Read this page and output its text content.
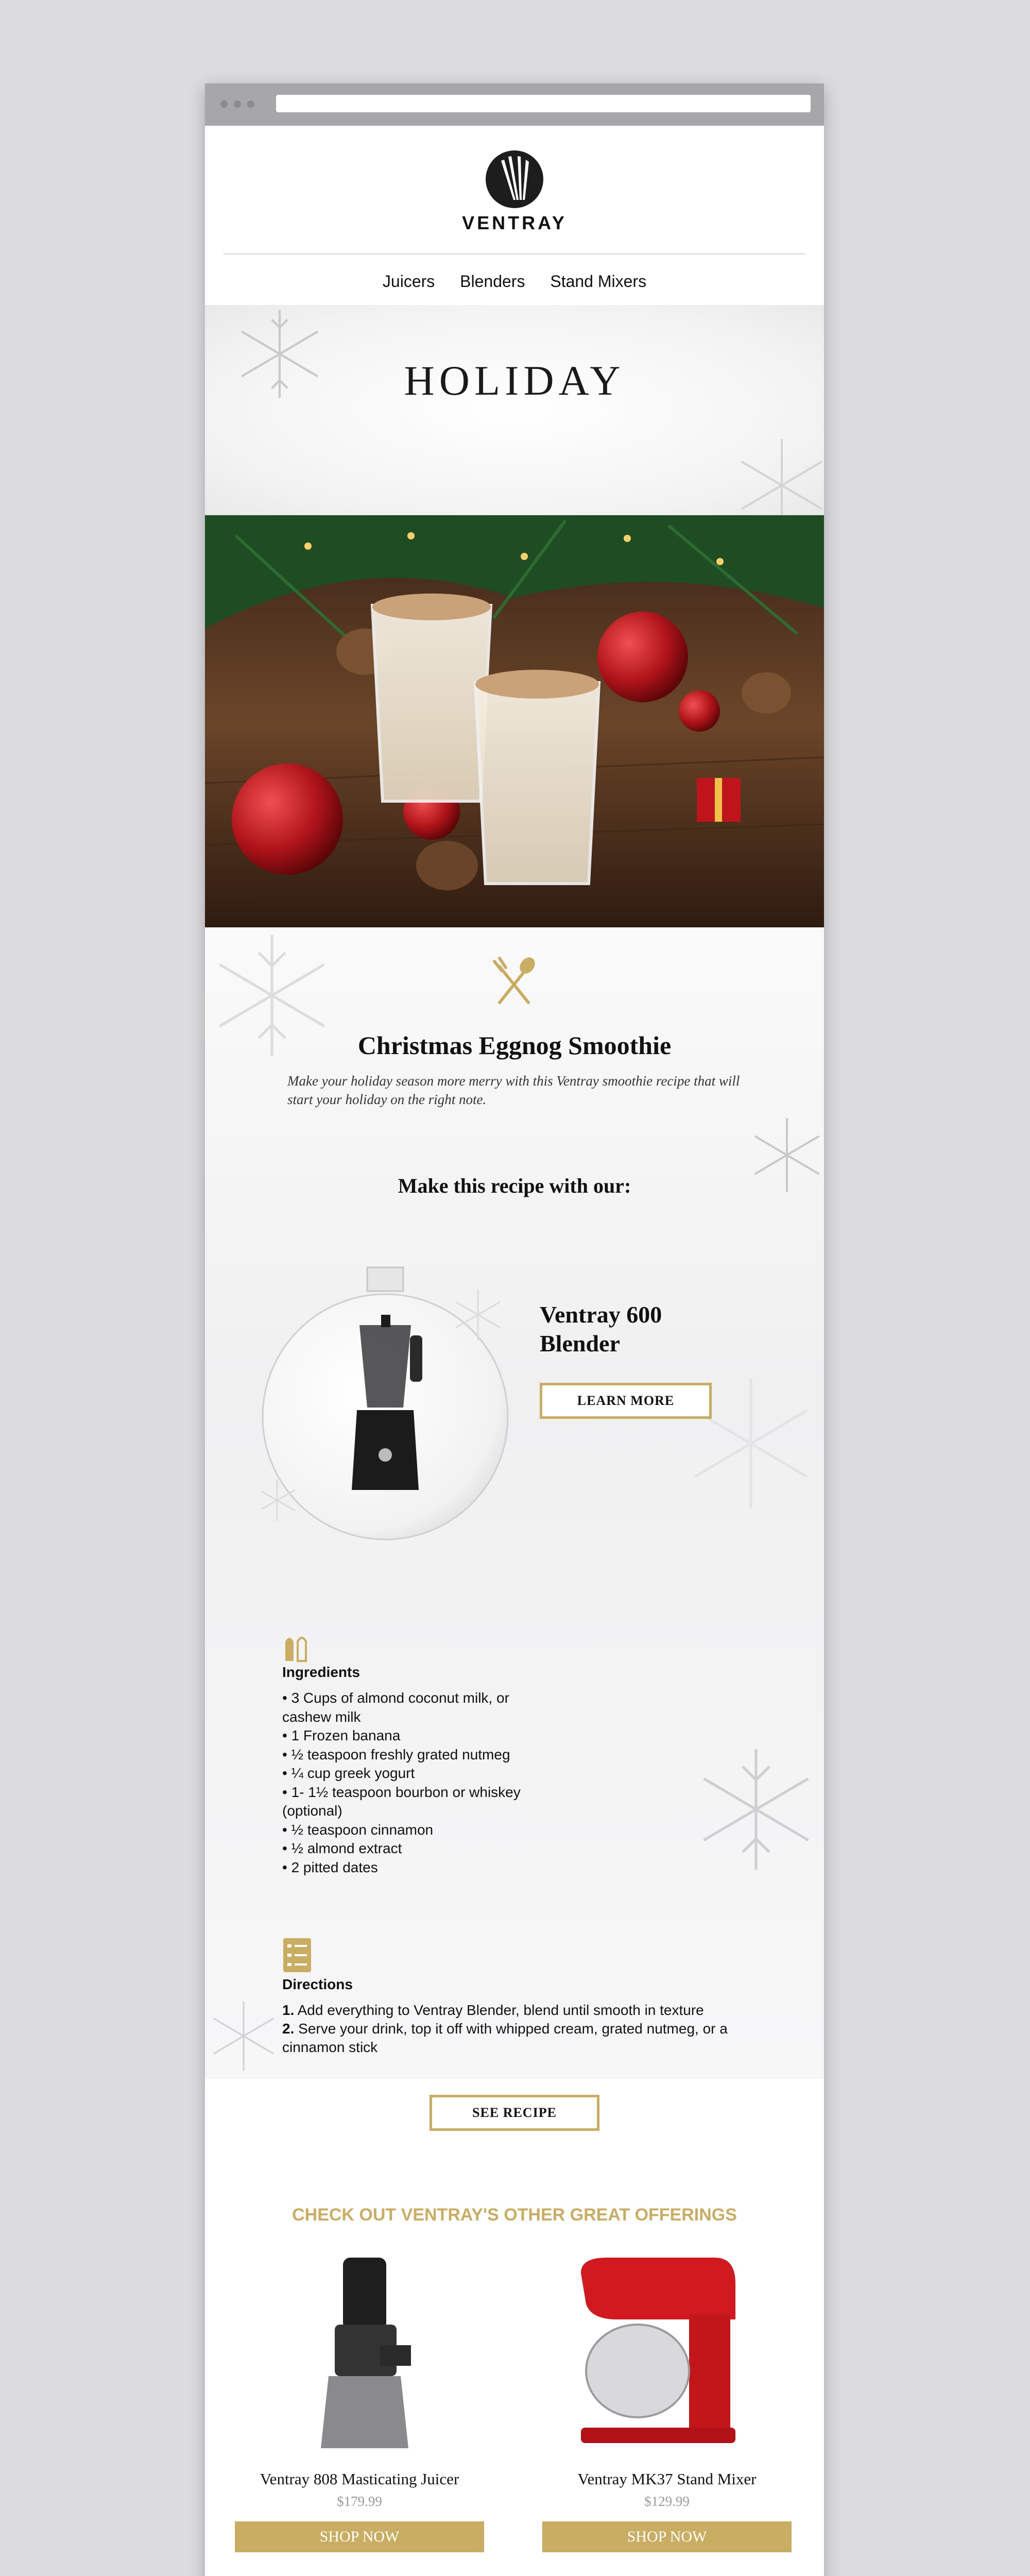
VENTRAY
Juicers Blenders Stand Mixers
HOLIDAY
Christmas Eggnog Smoothie
Make your holiday season more merry with this Ventray smoothie recipe that will start your holiday on the right note.
Make this recipe with our:
Ventray 600 Blender
LEARN MORE
Ingredients
• 3 Cups of almond coconut milk, or cashew milk
• 1 Frozen banana
• ½ teaspoon freshly grated nutmeg
• ¼ cup greek yogurt
• 1- 1½ teaspoon bourbon or whiskey (optional)
• ½ teaspoon cinnamon
• ½ almond extract
• 2 pitted dates
Directions
1. Add everything to Ventray Blender, blend until smooth in texture
2. Serve your drink, top it off with whipped cream, grated nutmeg, or a cinnamon stick
SEE RECIPE
CHECK OUT VENTRAY'S OTHER GREAT OFFERINGS
Ventray 808 Masticating Juicer
$179.99
SHOP NOW
Ventray MK37 Stand Mixer
$129.99
SHOP NOW
